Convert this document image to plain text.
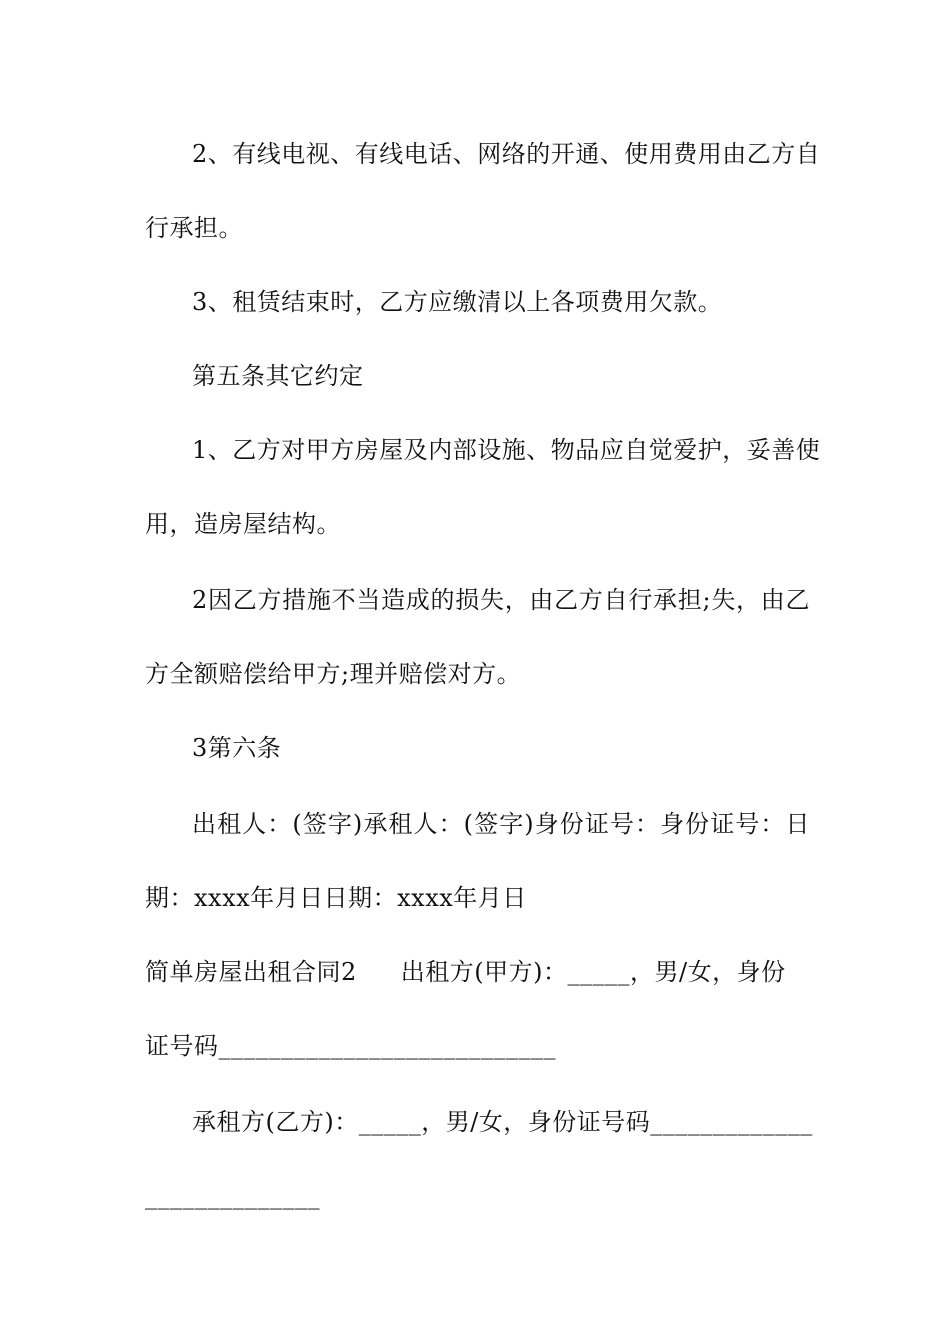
2、有线电视、有线电话、网络的开通、使用费用由乙方自
行承担。
3、租赁结束时，乙方应缴清以上各项费用欠款。
第五条其它约定
1、乙方对甲方房屋及内部设施、物品应自觉爱护，妥善使
用，造房屋结构。
2因乙方措施不当造成的损失，由乙方自行承担;失，由乙
方全额赔偿给甲方;理并赔偿对方。
3第六条
出租人：(签字)承租人：(签字)身份证号：身份证号：日
期：xxxx年月日日期：xxxx年月日
简单房屋出租合同2 出租方(甲方)：_____，男/女，身份
证号码___________________________
承租方(乙方)：_____，男/女，身份证号码_____________
______________
